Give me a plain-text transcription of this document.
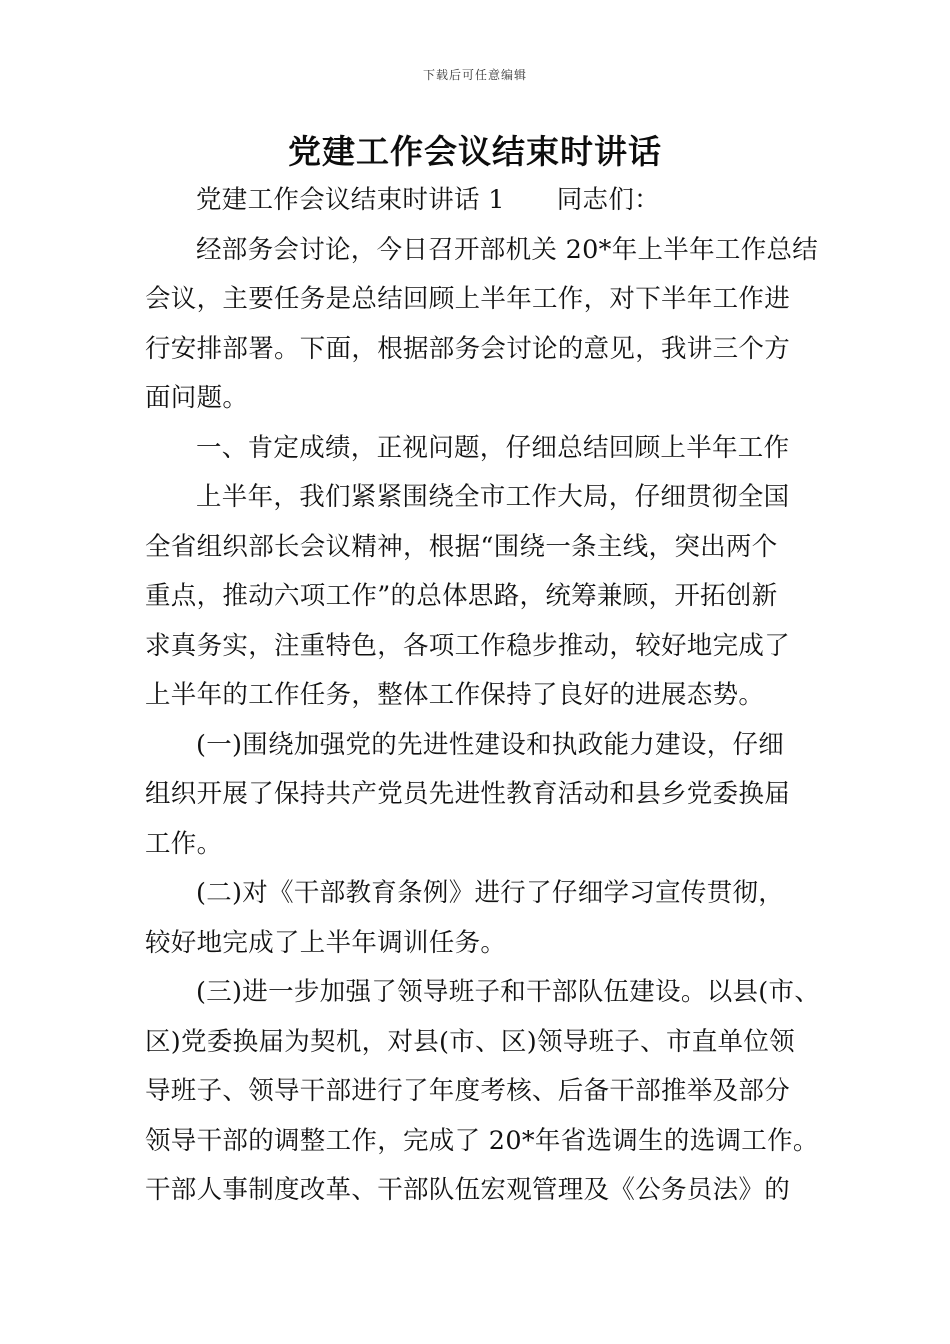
下载后可任意编辑
党建工作会议结束时讲话

党建工作会议结束时讲话 1 同志们：

经部务会讨论，今日召开部机关 20*年上半年工作总结
会议，主要任务是总结回顾上半年工作，对下半年工作进
行安排部署。下面，根据部务会讨论的意见，我讲三个方
面问题。

一、肯定成绩，正视问题，仔细总结回顾上半年工作

上半年，我们紧紧围绕全市工作大局，仔细贯彻全国
全省组织部长会议精神，根据“围绕一条主线，突出两个
重点，推动六项工作”的总体思路，统筹兼顾，开拓创新
求真务实，注重特色，各项工作稳步推动，较好地完成了
上半年的工作任务，整体工作保持了良好的进展态势。

(一)围绕加强党的先进性建设和执政能力建设，仔细
组织开展了保持共产党员先进性教育活动和县乡党委换届
工作。

(二)对《干部教育条例》进行了仔细学习宣传贯彻，
较好地完成了上半年调训任务。

(三)进一步加强了领导班子和干部队伍建设。以县(市、
区)党委换届为契机，对县(市、区)领导班子、市直单位领
导班子、领导干部进行了年度考核、后备干部推举及部分
领导干部的调整工作，完成了 20*年省选调生的选调工作。
干部人事制度改革、干部队伍宏观管理及《公务员法》的
